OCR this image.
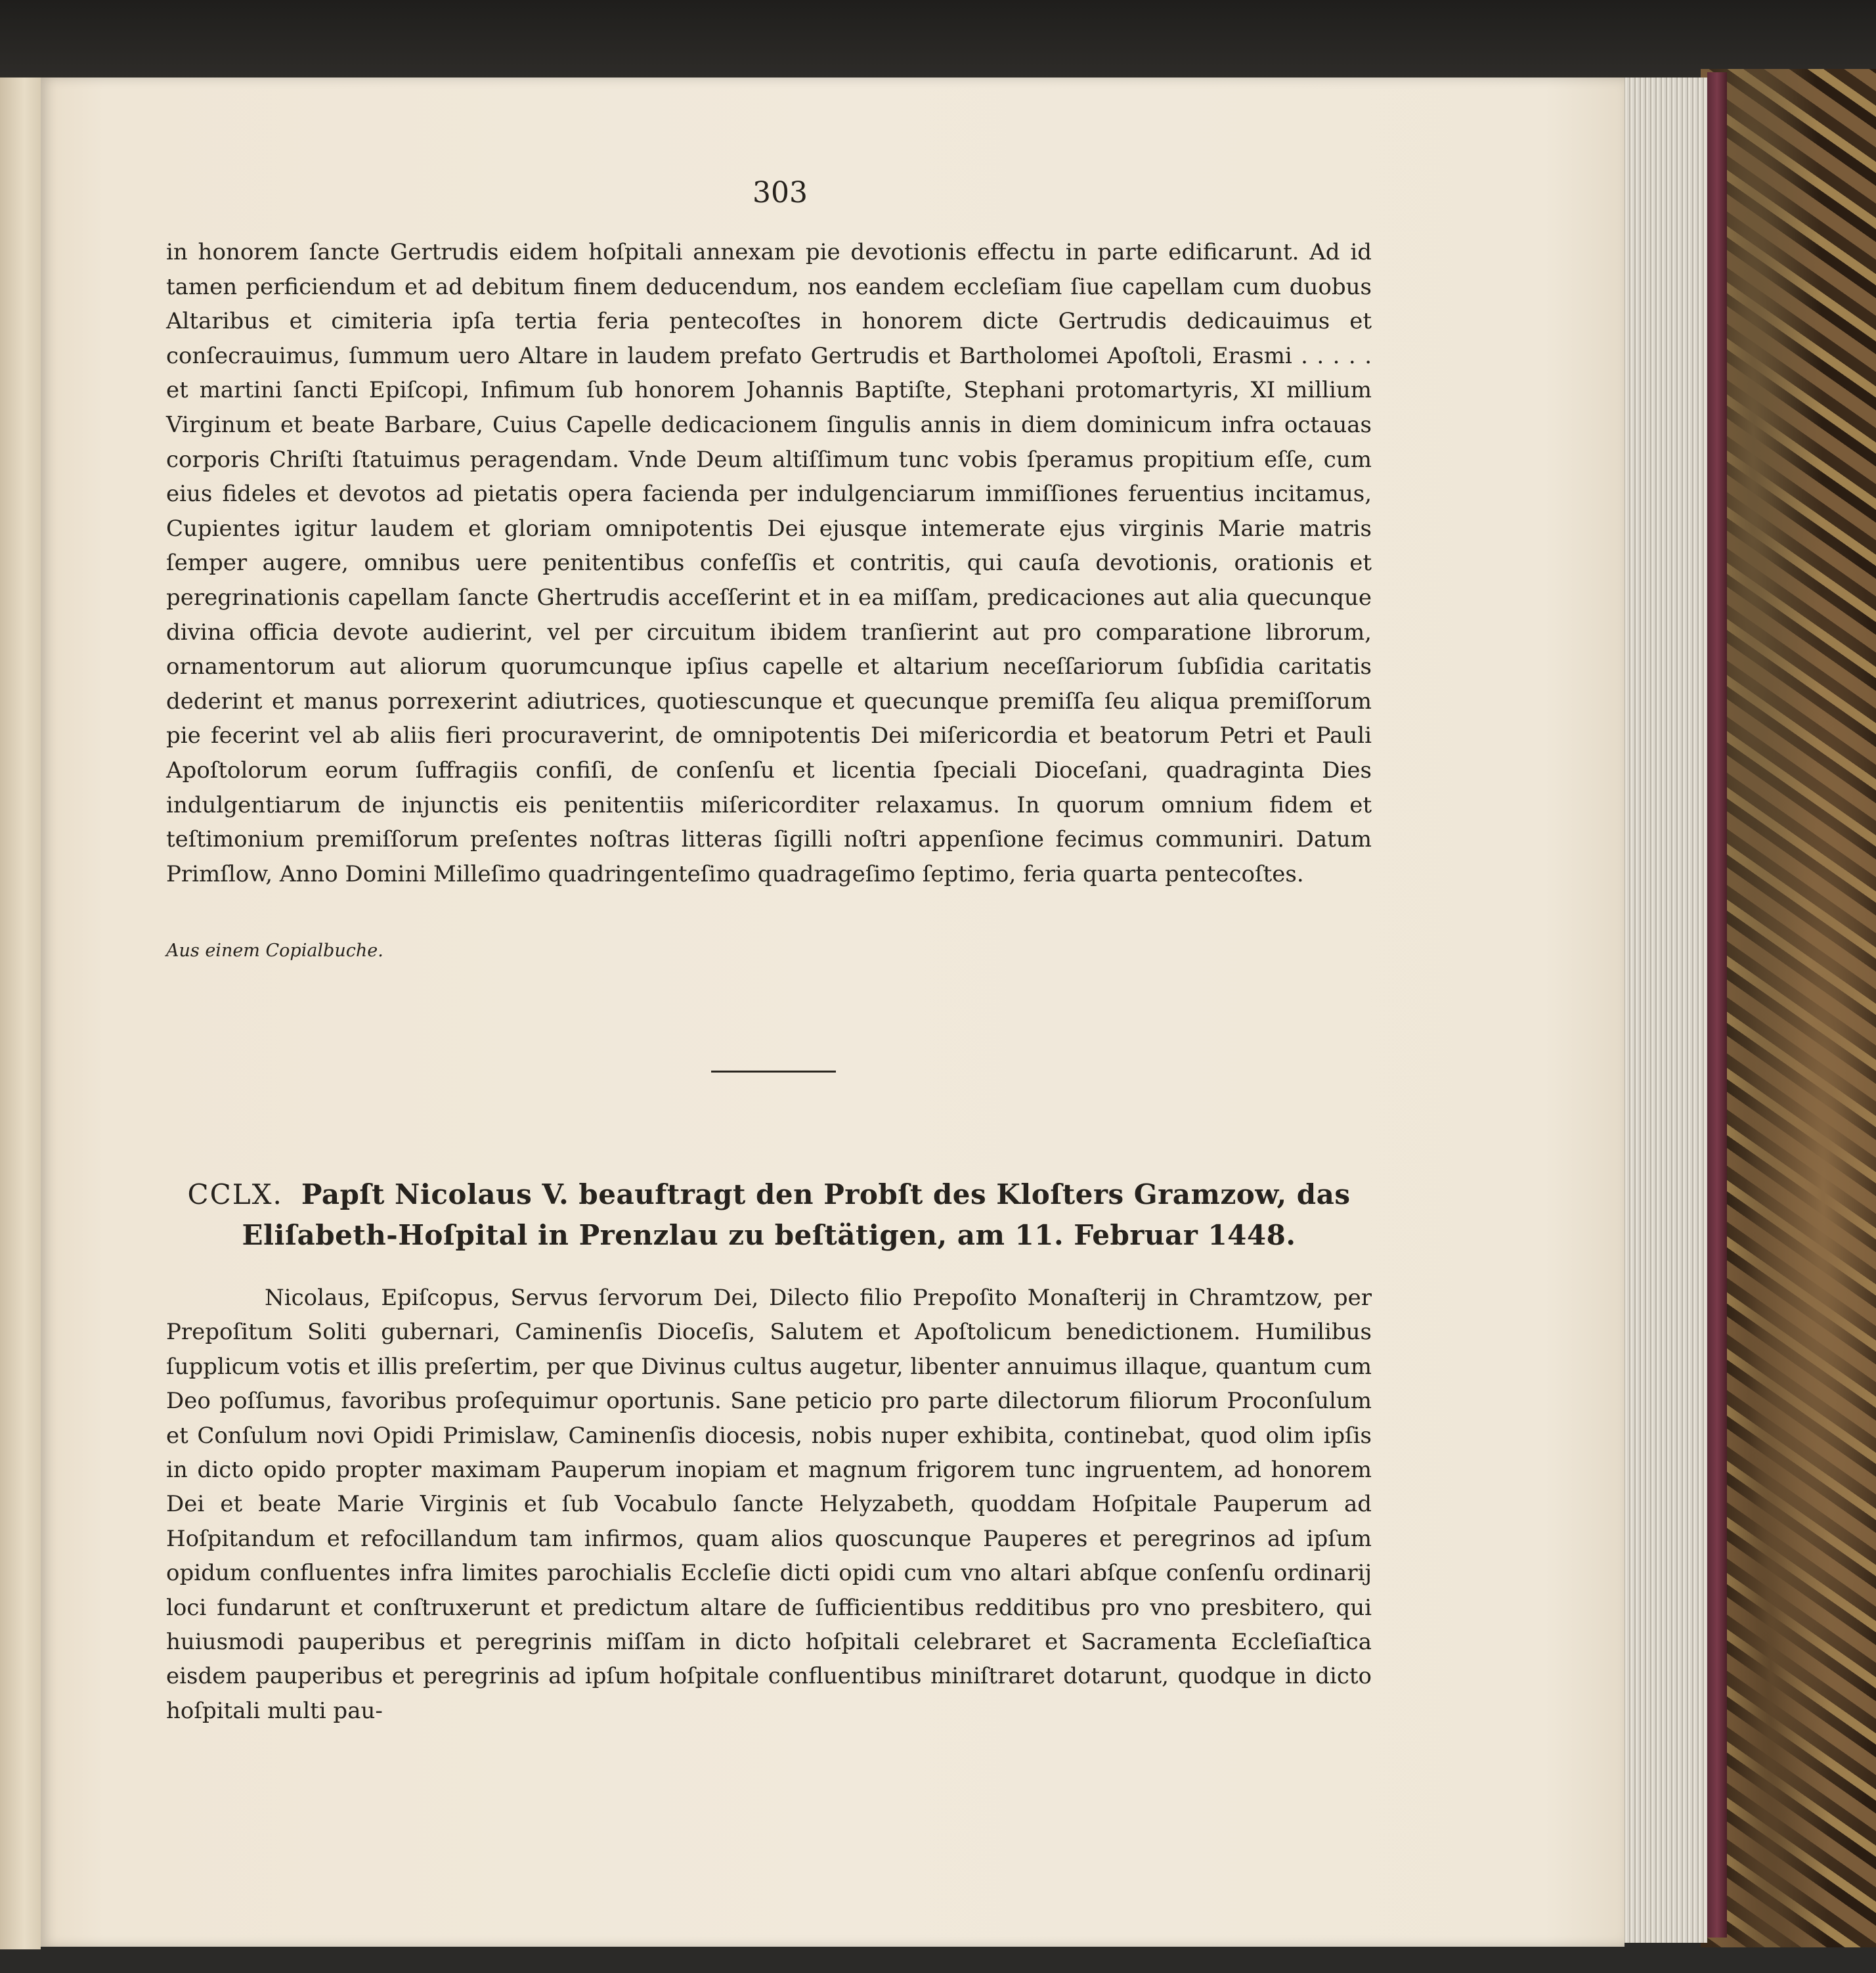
303
in honorem ſancte Gertrudis eidem hoſpitali annexam pie devotionis effectu in parte edificarunt. Ad id tamen perficiendum et ad debitum finem deducendum, nos eandem eccleſiam ſiue capellam cum duobus Altaribus et cimiteria ipſa tertia feria pentecoſtes in honorem dicte Gertrudis dedicauimus et conſecrauimus, ſummum uero Altare in laudem prefato Gertrudis et Bartholomei Apoſtoli, Erasmi . . . . . et martini ſancti Epiſcopi, Infimum ſub honorem Johannis Baptiſte, Stephani protomartyris, XI millium Virginum et beate Barbare, Cuius Capelle dedicacionem ſingulis annis in diem dominicum infra octauas corporis Chriſti ſtatuimus peragendam. Vnde Deum altiſſimum tunc vobis ſperamus propitium eſſe, cum eius fideles et devotos ad pietatis opera facienda per indulgenciarum immiſſiones feruentius incitamus, Cupientes igitur laudem et gloriam omnipotentis Dei ejusque intemerate ejus virginis Marie matris ſemper augere, omnibus uere penitentibus confeſſis et contritis, qui cauſa devotionis, orationis et peregrinationis capellam ſancte Ghertrudis acceſſerint et in ea miſſam, predicaciones aut alia quecunque divina officia devote audierint, vel per circuitum ibidem tranſierint aut pro comparatione librorum, ornamentorum aut aliorum quorumcunque ipſius capelle et altarium neceſſariorum ſubſidia caritatis dederint et manus porrexerint adiutrices, quotiescunque et quecunque premiſſa ſeu aliqua premiſſorum pie fecerint vel ab aliis fieri procuraverint, de omnipotentis Dei miſericordia et beatorum Petri et Pauli Apoſtolorum eorum ſuffragiis confiſi, de conſenſu et licentia ſpeciali Dioceſani, quadraginta Dies indulgentiarum de injunctis eis penitentiis miſericorditer relaxamus. In quorum omnium fidem et teſtimonium premiſſorum preſentes noſtras litteras ſigilli noſtri appenſione fecimus communiri. Datum Primſlow, Anno Domini Milleſimo quadringenteſimo quadrageſimo ſeptimo, feria quarta pentecoſtes.
Aus einem Copialbuche.
CCLX. Papſt Nicolaus V. beauftragt den Probſt des Kloſters Gramzow, das Eliſabeth-Hoſpital in Prenzlau zu beſtätigen, am 11. Februar 1448.
Nicolaus, Epiſcopus, Servus ſervorum Dei, Dilecto filio Prepoſito Monaſterij in Chramtzow, per Prepoſitum Soliti gubernari, Caminenſis Dioceſis, Salutem et Apoſtolicum benedictionem. Humilibus ſupplicum votis et illis preſertim, per que Divinus cultus augetur, libenter annuimus illaque, quantum cum Deo poſſumus, favoribus proſequimur oportunis. Sane peticio pro parte dilectorum filiorum Proconſulum et Conſulum novi Opidi Primislaw, Caminenſis diocesis, nobis nuper exhibita, continebat, quod olim ipſis in dicto opido propter maximam Pauperum inopiam et magnum frigorem tunc ingruentem, ad honorem Dei et beate Marie Virginis et ſub Vocabulo ſancte Helyzabeth, quoddam Hoſpitale Pauperum ad Hoſpitandum et refocillandum tam infirmos, quam alios quoscunque Pauperes et peregrinos ad ipſum opidum confluentes infra limites parochialis Eccleſie dicti opidi cum vno altari abſque conſenſu ordinarij loci fundarunt et conſtruxerunt et predictum altare de ſufficientibus redditibus pro vno presbitero, qui huiusmodi pauperibus et peregrinis miſſam in dicto hoſpitali celebraret et Sacramenta Eccleſiaſtica eisdem pauperibus et peregrinis ad ipſum hoſpitale confluentibus miniſtraret dotarunt, quodque in dicto hoſpitali multi pau-
